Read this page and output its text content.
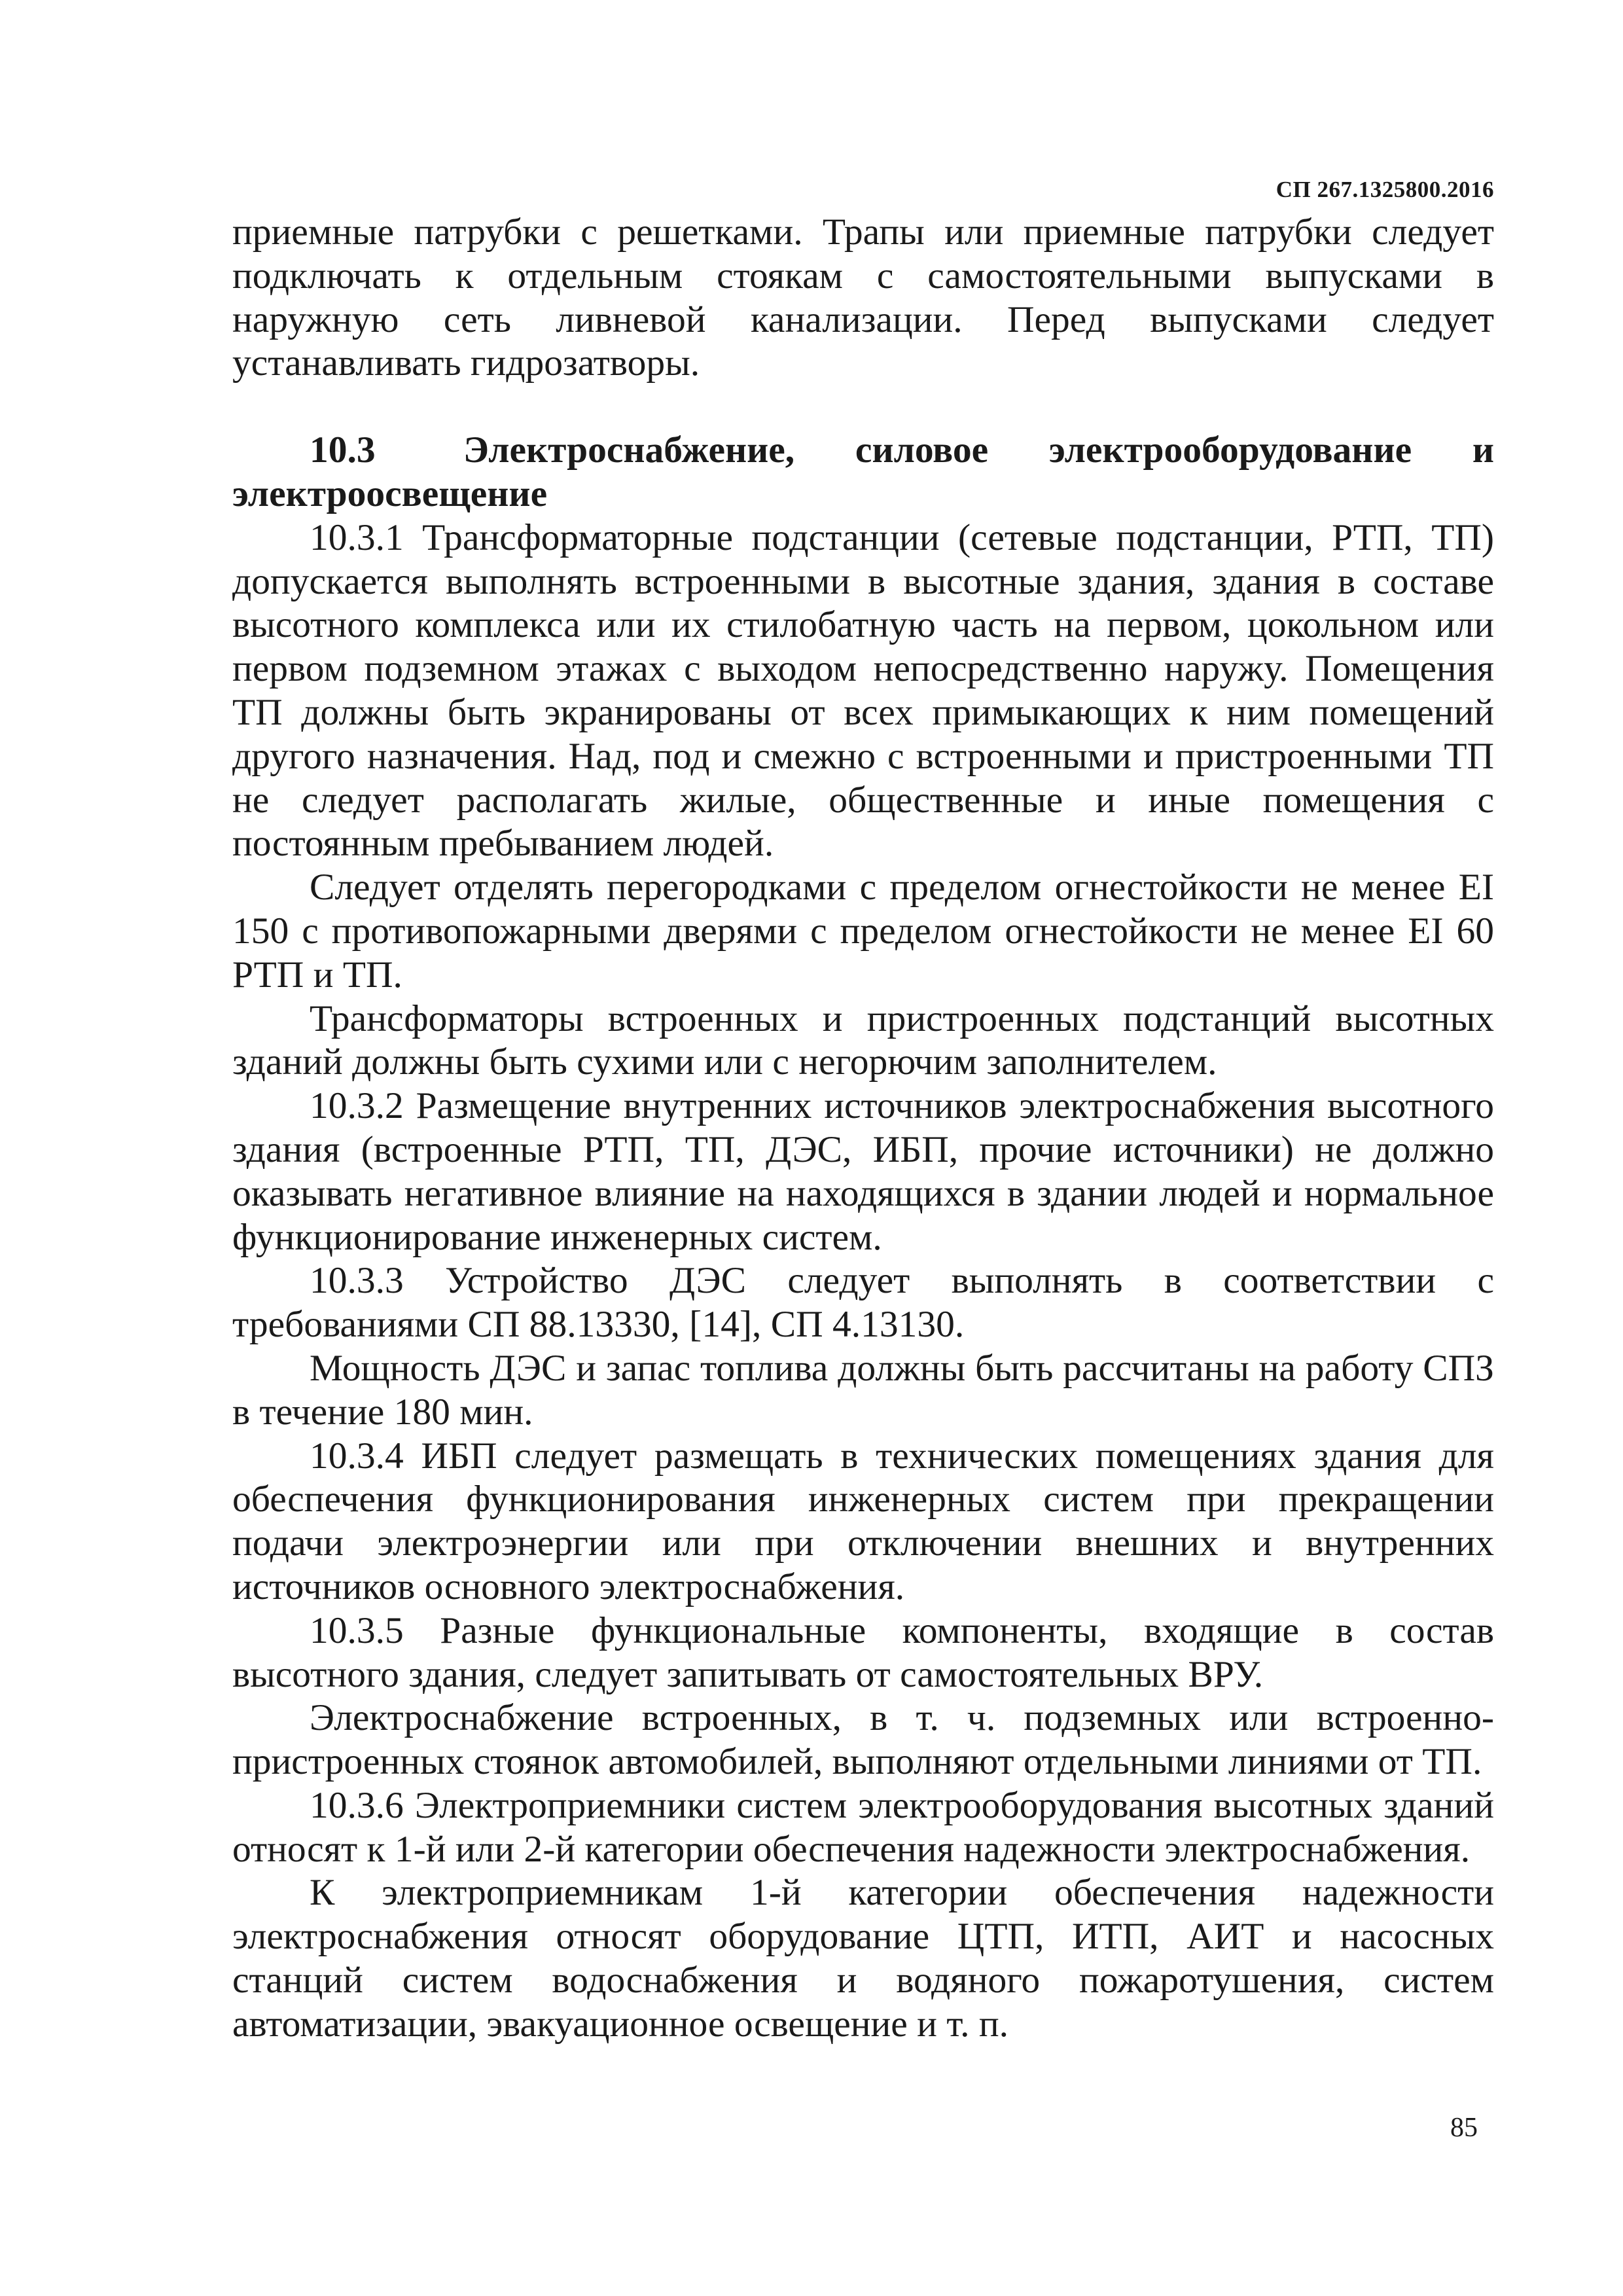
СП 267.1325800.2016

приемные патрубки с решетками. Трапы или приемные патрубки следует подключать к отдельным стоякам с самостоятельными выпусками в наружную сеть ливневой канализации. Перед выпусками следует устанавливать гидрозатворы.

10.3 Электроснабжение, силовое электрооборудование и электроосвещение

10.3.1 Трансформаторные подстанции (сетевые подстанции, РТП, ТП) допускается выполнять встроенными в высотные здания, здания в составе высотного комплекса или их стилобатную часть на первом, цокольном или первом подземном этажах с выходом непосредственно наружу. Помещения ТП должны быть экранированы от всех примыкающих к ним помещений другого назначения. Над, под и смежно с встроенными и пристроенными ТП не следует располагать жилые, общественные и иные помещения с постоянным пребыванием людей.

Следует отделять перегородками с пределом огнестойкости не менее EI 150 с противопожарными дверями с пределом огнестойкости не менее EI 60 РТП и ТП.

Трансформаторы встроенных и пристроенных подстанций высотных зданий должны быть сухими или с негорючим заполнителем.

10.3.2 Размещение внутренних источников электроснабжения высотного здания (встроенные РТП, ТП, ДЭС, ИБП, прочие источники) не должно оказывать негативное влияние на находящихся в здании людей и нормальное функционирование инженерных систем.

10.3.3 Устройство ДЭС следует выполнять в соответствии с требованиями СП 88.13330, [14], СП 4.13130.

Мощность ДЭС и запас топлива должны быть рассчитаны на работу СПЗ в течение 180 мин.

10.3.4 ИБП следует размещать в технических помещениях здания для обеспечения функционирования инженерных систем при прекращении подачи электроэнергии или при отключении внешних и внутренних источников основного электроснабжения.

10.3.5 Разные функциональные компоненты, входящие в состав высотного здания, следует запитывать от самостоятельных ВРУ.

Электроснабжение встроенных, в т. ч. подземных или встроенно-пристроенных стоянок автомобилей, выполняют отдельными линиями от ТП.

10.3.6 Электроприемники систем электрооборудования высотных зданий относят к 1-й или 2-й категории обеспечения надежности электроснабжения.

К электроприемникам 1-й категории обеспечения надежности электроснабжения относят оборудование ЦТП, ИТП, АИТ и насосных станций систем водоснабжения и водяного пожаротушения, систем автоматизации, эвакуационное освещение и т. п.

85
